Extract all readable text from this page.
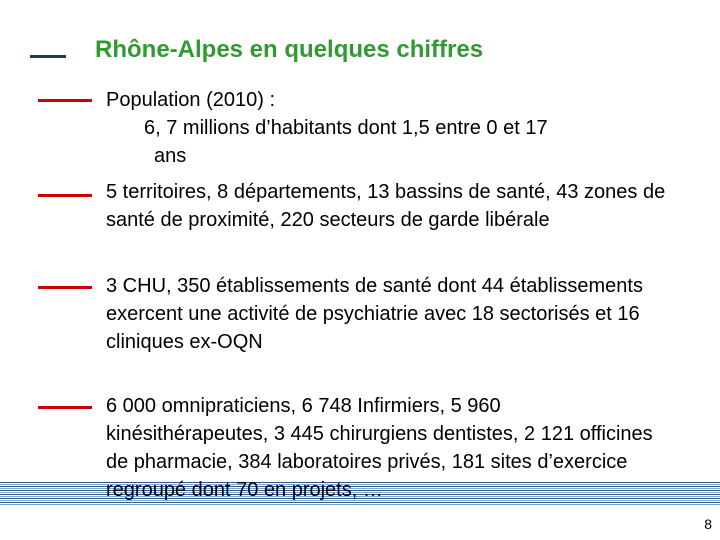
Rhône-Alpes en quelques chiffres
Population (2010) :
6, 7 millions d’habitants dont 1,5 entre 0 et 17
ans
5 territoires, 8 départements, 13 bassins de santé, 43 zones de santé de proximité, 220 secteurs de garde libérale
3 CHU, 350 établissements de santé dont 44 établissements exercent une activité de psychiatrie avec 18 sectorisés et 16 cliniques ex-OQN
6 000 omnipraticiens, 6 748 Infirmiers, 5 960 kinésithérapeutes, 3 445 chirurgiens dentistes, 2 121 officines de pharmacie, 384 laboratoires privés, 181 sites d’exercice regroupé dont 70 en projets, …
8
